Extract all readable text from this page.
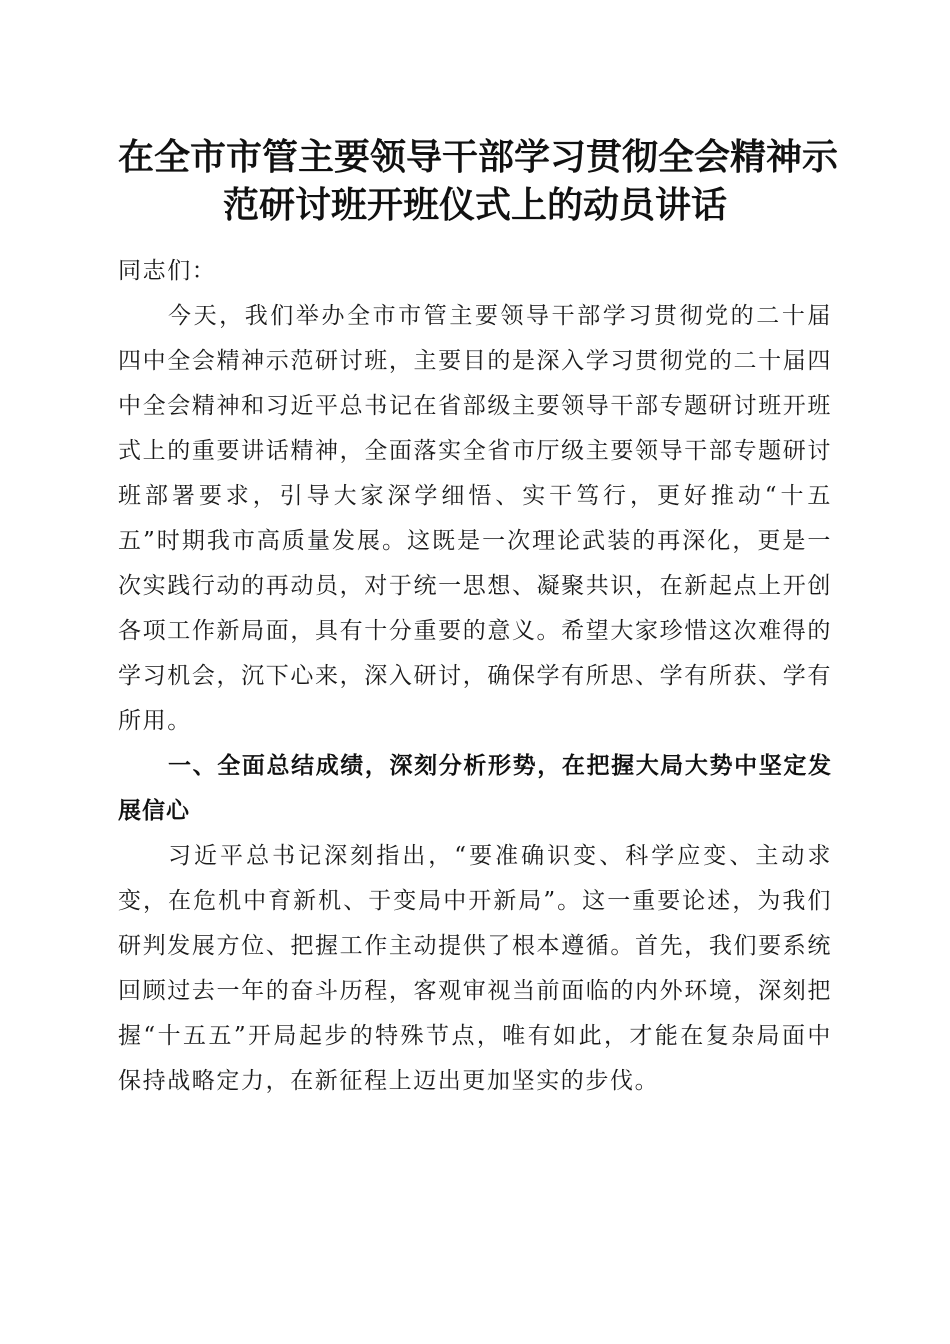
在全市市管主要领导干部学习贯彻全会精神示
范研讨班开班仪式上的动员讲话

同志们：

今天，我们举办全市市管主要领导干部学习贯彻党的二十届四中全会精神示范研讨班，主要目的是深入学习贯彻党的二十届四中全会精神和习近平总书记在省部级主要领导干部专题研讨班开班式上的重要讲话精神，全面落实全省市厅级主要领导干部专题研讨班部署要求，引导大家深学细悟、实干笃行，更好推动“十五五”时期我市高质量发展。这既是一次理论武装的再深化，更是一次实践行动的再动员，对于统一思想、凝聚共识，在新起点上开创各项工作新局面，具有十分重要的意义。希望大家珍惜这次难得的学习机会，沉下心来，深入研讨，确保学有所思、学有所获、学有所用。

一、全面总结成绩，深刻分析形势，在把握大局大势中坚定发展信心

习近平总书记深刻指出，“要准确识变、科学应变、主动求变，在危机中育新机、于变局中开新局”。这一重要论述，为我们研判发展方位、把握工作主动提供了根本遵循。首先，我们要系统回顾过去一年的奋斗历程，客观审视当前面临的内外环境，深刻把握“十五五”开局起步的特殊节点，唯有如此，才能在复杂局面中保持战略定力，在新征程上迈出更加坚实的步伐。
